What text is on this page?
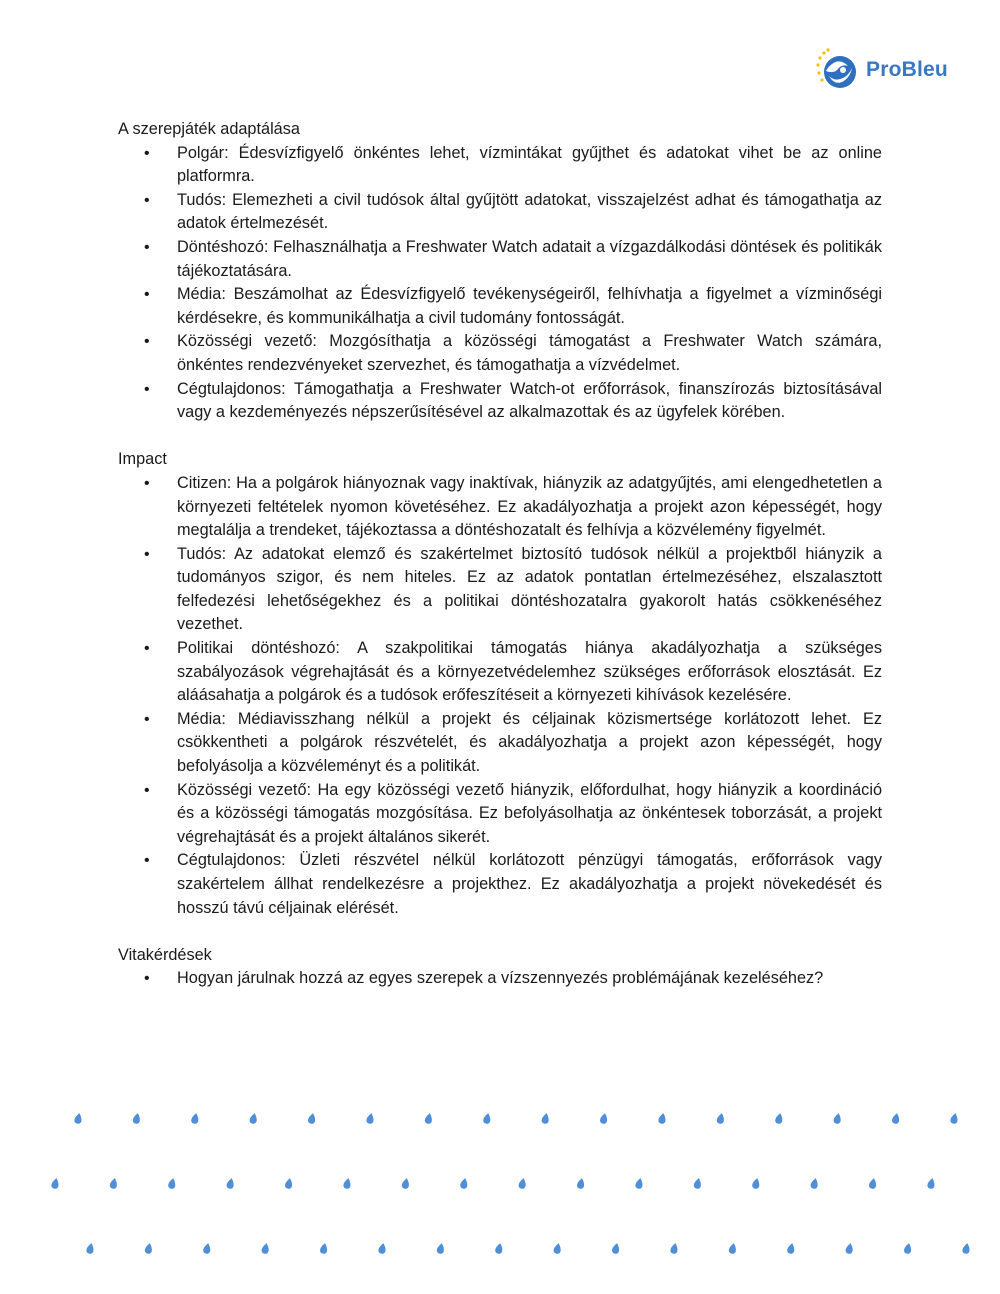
ProBleu

A szerepjáték adaptálása

• Polgár: Édesvízfigyelő önkéntes lehet, vízmintákat gyűjthet és adatokat vihet be az online platformra.
• Tudós: Elemezheti a civil tudósok által gyűjtött adatokat, visszajelzést adhat és támogathatja az adatok értelmezését.
• Döntéshozó: Felhasználhatja a Freshwater Watch adatait a vízgazdálkodási döntések és politikák tájékoztatására.
• Média: Beszámolhat az Édesvízfigyelő tevékenységeiről, felhívhatja a figyelmet a vízminőségi kérdésekre, és kommunikálhatja a civil tudomány fontosságát.
• Közösségi vezető: Mozgósíthatja a közösségi támogatást a Freshwater Watch számára, önkéntes rendezvényeket szervezhet, és támogathatja a vízvédelmet.
• Cégtulajdonos: Támogathatja a Freshwater Watch-ot erőforrások, finanszírozás biztosításával vagy a kezdeményezés népszerűsítésével az alkalmazottak és az ügyfelek körében.

Impact

• Citizen: Ha a polgárok hiányoznak vagy inaktívak, hiányzik az adatgyűjtés, ami elengedhetetlen a környezeti feltételek nyomon követéséhez. Ez akadályozhatja a projekt azon képességét, hogy megtalálja a trendeket, tájékoztassa a döntéshozatalt és felhívja a közvélemény figyelmét.
• Tudós: Az adatokat elemző és szakértelmet biztosító tudósok nélkül a projektből hiányzik a tudományos szigor, és nem hiteles. Ez az adatok pontatlan értelmezéséhez, elszalasztott felfedezési lehetőségekhez és a politikai döntéshozatalra gyakorolt hatás csökkenéséhez vezethet.
• Politikai döntéshozó: A szakpolitikai támogatás hiánya akadályozhatja a szükséges szabályozások végrehajtását és a környezetvédelemhez szükséges erőforrások elosztását. Ez aláásahatja a polgárok és a tudósok erőfeszítéseit a környezeti kihívások kezelésére.
• Média: Médiavisszhang nélkül a projekt és céljainak közismertsége korlátozott lehet. Ez csökkentheti a polgárok részvételét, és akadályozhatja a projekt azon képességét, hogy befolyásolja a közvéleményt és a politikát.
• Közösségi vezető: Ha egy közösségi vezető hiányzik, előfordulhat, hogy hiányzik a koordináció és a közösségi támogatás mozgósítása. Ez befolyásolhatja az önkéntesek toborzását, a projekt végrehajtását és a projekt általános sikerét.
• Cégtulajdonos: Üzleti részvétel nélkül korlátozott pénzügyi támogatás, erőforrások vagy szakértelem állhat rendelkezésre a projekthez. Ez akadályozhatja a projekt növekedését és hosszú távú céljainak elérését.

Vitakérdések

• Hogyan járulnak hozzá az egyes szerepek a vízszennyezés problémájának kezeléséhez?
